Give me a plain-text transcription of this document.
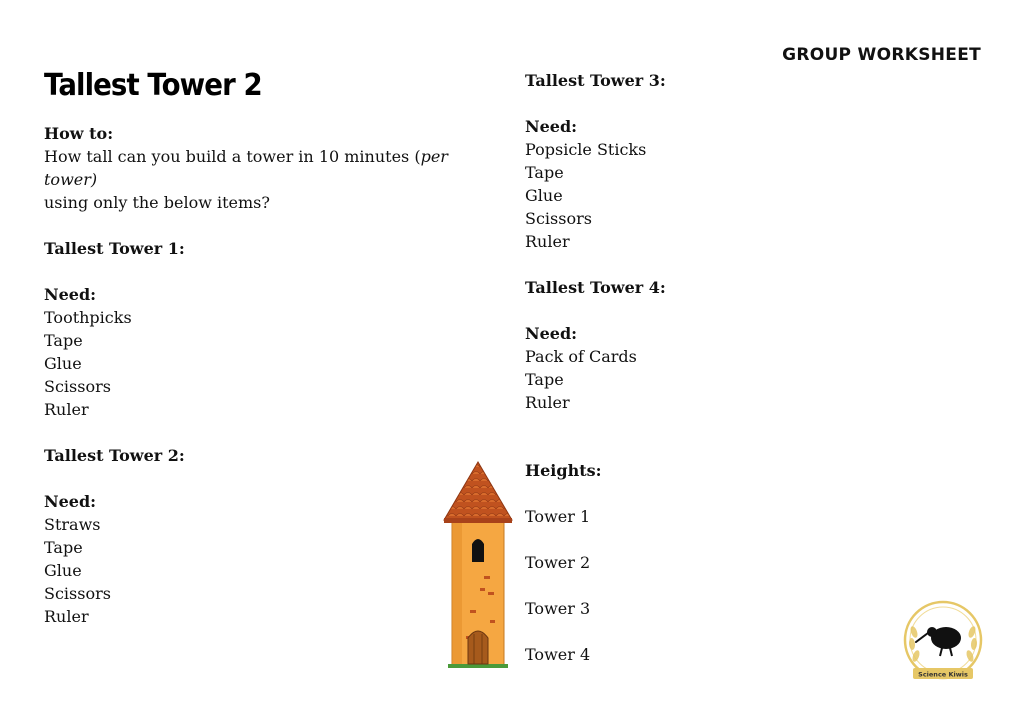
GROUP WORKSHEET
Tallest Tower 2
How to:
How tall can you build a tower in 10 minutes (per tower)
using only the below items?
Tallest Tower 1:
Need:
Toothpicks
Tape
Glue
Scissors
Ruler
Tallest Tower 2:
Need:
Straws
Tape
Glue
Scissors
Ruler
Tallest Tower 3:
Need:
Popsicle Sticks
Tape
Glue
Scissors
Ruler
Tallest Tower 4:
Need:
Pack of Cards
Tape
Ruler
Heights:
Tower 1
Tower 2
Tower 3
Tower 4
Science Kiwis
